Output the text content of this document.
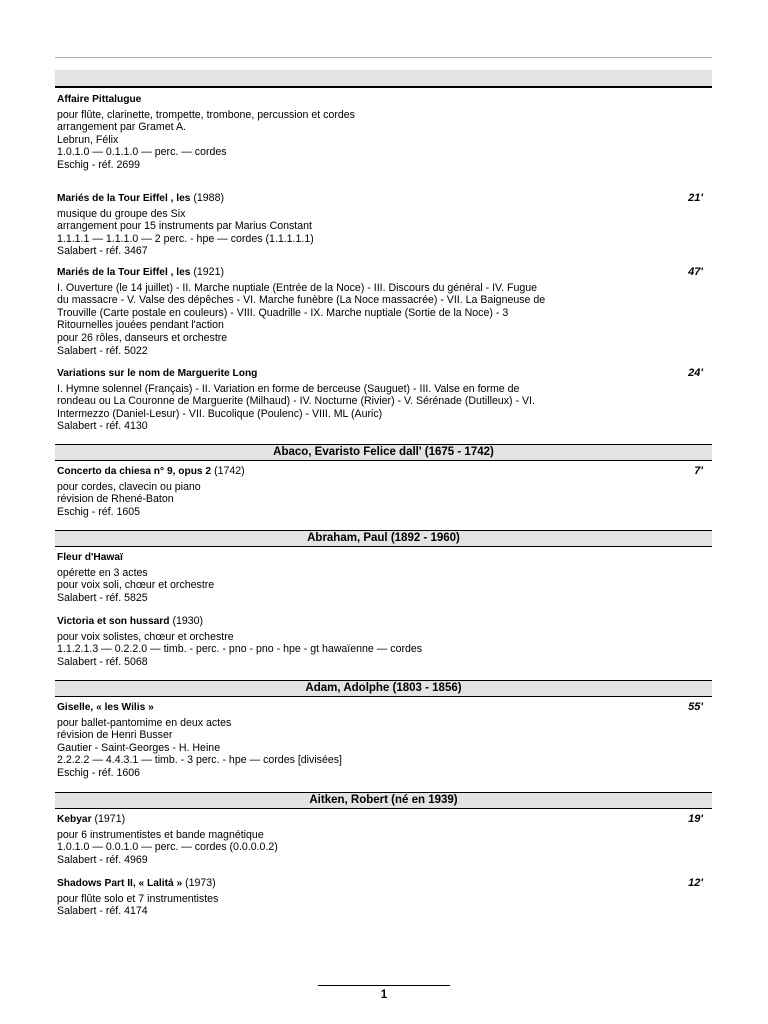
Affaire Pittalugue
pour flûte, clarinette, trompette, trombone, percussion et cordes
arrangement par Gramet A.
Lebrun, Félix
1.0.1.0 — 0.1.1.0 — perc. — cordes
Eschig - réf. 2699
Mariés de la Tour Eiffel , les (1988)	21'
musique du groupe des Six
arrangement pour 15 instruments par Marius Constant
1.1.1.1 — 1.1.1.0 — 2 perc. - hpe — cordes (1.1.1.1.1)
Salabert - réf. 3467
Mariés de la Tour Eiffel , les (1921)	47'
I. Ouverture (le 14 juillet) - II. Marche nuptiale (Entrée de la Noce) - III. Discours du général - IV. Fugue
du massacre - V. Valse des dépêches - VI. Marche funèbre (La Noce massacrée) - VII. La Baigneuse de
Trouville (Carte postale en couleurs) - VIII. Quadrille - IX. Marche nuptiale (Sortie de la Noce) - 3
Ritournelles jouées pendant l'action
pour 26 rôles, danseurs et orchestre
Salabert - réf. 5022
Variations sur le nom de Marguerite Long	24'
I. Hymne solennel (Français) - II. Variation en forme de berceuse (Sauguet) - III. Valse en forme de
rondeau ou La Couronne de Marguerite (Milhaud) - IV. Nocturne (Rivier) - V. Sérénade (Dutilleux) - VI.
Intermezzo (Daniel-Lesur) - VII. Bucolique (Poulenc) - VIII. ML (Auric)
Salabert - réf. 4130
Abaco, Evaristo Felice dall' (1675 - 1742)
Concerto da chiesa n° 9, opus 2 (1742)	7'
pour cordes, clavecin ou piano
révision de Rhené-Baton
Eschig - réf. 1605
Abraham, Paul (1892 - 1960)
Fleur d'Hawaï
opérette en 3 actes
pour voix soli, chœur et orchestre
Salabert - réf. 5825
Victoria et son hussard (1930)
pour voix solistes, chœur et orchestre
1.1.2.1.3 — 0.2.2.0 — timb. - perc. - pno - pno - hpe - gt hawaïenne — cordes
Salabert - réf. 5068
Adam, Adolphe (1803 - 1856)
Giselle, « les Wilis »	55'
pour ballet-pantomime en deux actes
révision de Henri Busser
Gautier - Saint-Georges - H. Heine
2.2.2.2 — 4.4.3.1 — timb. - 3 perc. - hpe — cordes [divisées]
Eschig - réf. 1606
Aitken, Robert (né en 1939)
Kebyar (1971)	19'
pour 6 instrumentistes et bande magnétique
1.0.1.0 — 0.0.1.0 — perc. — cordes (0.0.0.0.2)
Salabert - réf. 4969
Shadows Part II, « Lalitá » (1973)	12'
pour flûte solo et 7 instrumentistes
Salabert - réf. 4174
1
